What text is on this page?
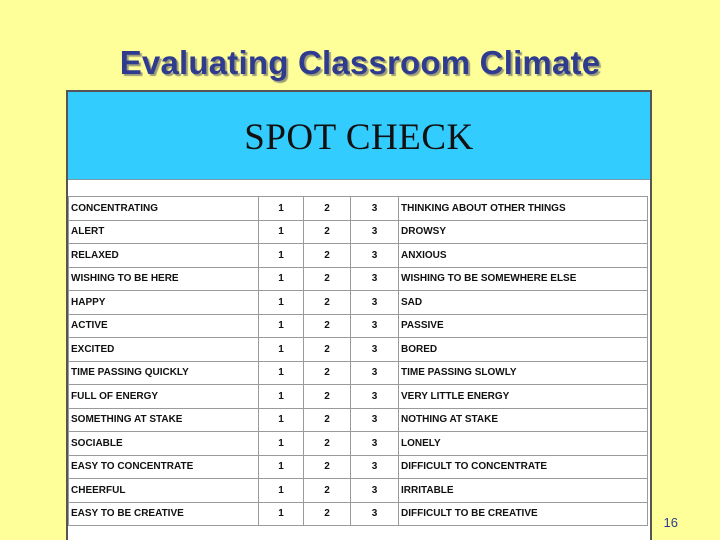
Evaluating Classroom Climate
SPOT CHECK
CONCENTRATING	1	2	3	THINKING ABOUT OTHER THINGS
ALERT	1	2	3	DROWSY
RELAXED	1	2	3	ANXIOUS
WISHING TO BE HERE	1	2	3	WISHING TO BE SOMEWHERE ELSE
HAPPY	1	2	3	SAD
ACTIVE	1	2	3	PASSIVE
EXCITED	1	2	3	BORED
TIME PASSING QUICKLY	1	2	3	TIME PASSING SLOWLY
FULL OF ENERGY	1	2	3	VERY LITTLE ENERGY
SOMETHING AT STAKE	1	2	3	NOTHING AT STAKE
SOCIABLE	1	2	3	LONELY
EASY TO CONCENTRATE	1	2	3	DIFFICULT TO CONCENTRATE
CHEERFUL	1	2	3	IRRITABLE
EASY TO BE CREATIVE	1	2	3	DIFFICULT TO BE CREATIVE
16
